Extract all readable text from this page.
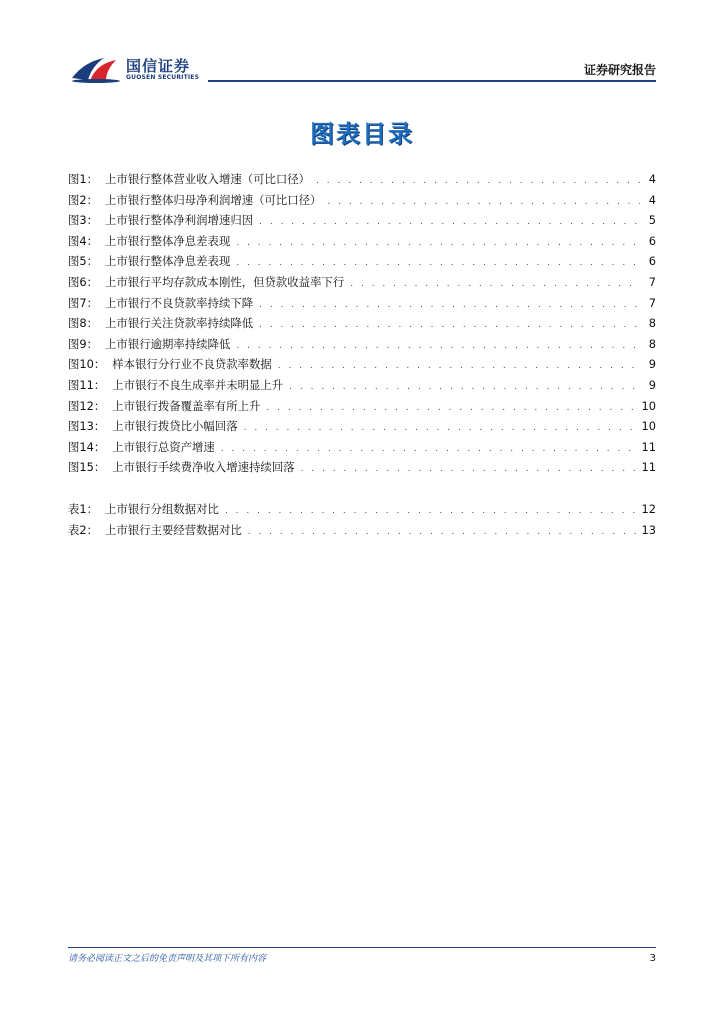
国信证券
GUOSEN SECURITIES
证券研究报告
图表目录
图1： 上市银行整体营业收入增速（可比口径） . . .	4
图2： 上市银行整体归母净利润增速（可比口径） . . .	4
图3： 上市银行整体净利润增速归因 . . .	5
图4： 上市银行整体净息差表现 . . .	6
图5： 上市银行整体净息差表现 . . .	6
图6： 上市银行平均存款成本刚性，但贷款收益率下行 . . .	7
图7： 上市银行不良贷款率持续下降 . . .	7
图8： 上市银行关注贷款率持续降低 . . .	8
图9： 上市银行逾期率持续降低 . . .	8
图10： 样本银行分行业不良贷款率数据 . . .	9
图11： 上市银行不良生成率并未明显上升 . . .	9
图12： 上市银行拨备覆盖率有所上升 . . .	10
图13： 上市银行拨贷比小幅回落 . . .	10
图14： 上市银行总资产增速 . . .	11
图15： 上市银行手续费净收入增速持续回落 . . .	11
表1： 上市银行分组数据对比 . . .	12
表2： 上市银行主要经营数据对比 . . .	13
请务必阅读正文之后的免责声明及其项下所有内容	3
